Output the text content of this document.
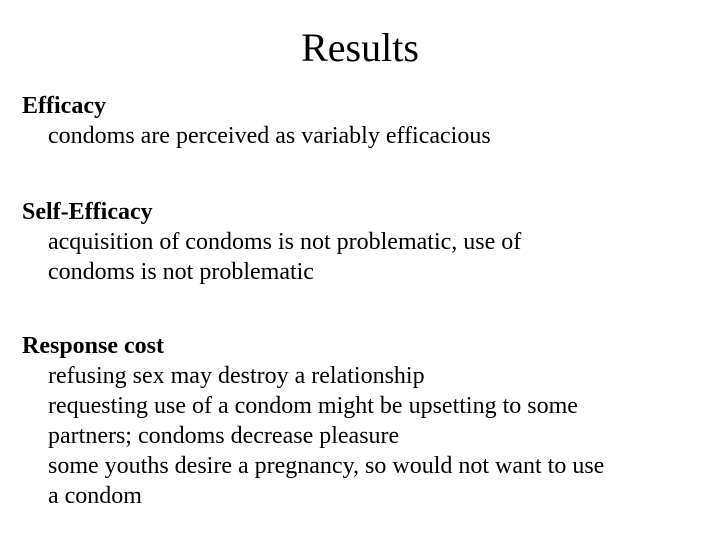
Results

Efficacy

condoms are perceived as variably efficacious

Self-Efficacy

acquisition of condoms is not problematic, use of

condoms is not problematic

Response cost

refusing sex may destroy a relationship

requesting use of a condom might be upsetting to some

partners; condoms decrease pleasure

some youths desire a pregnancy, so would not want to use

a condom
